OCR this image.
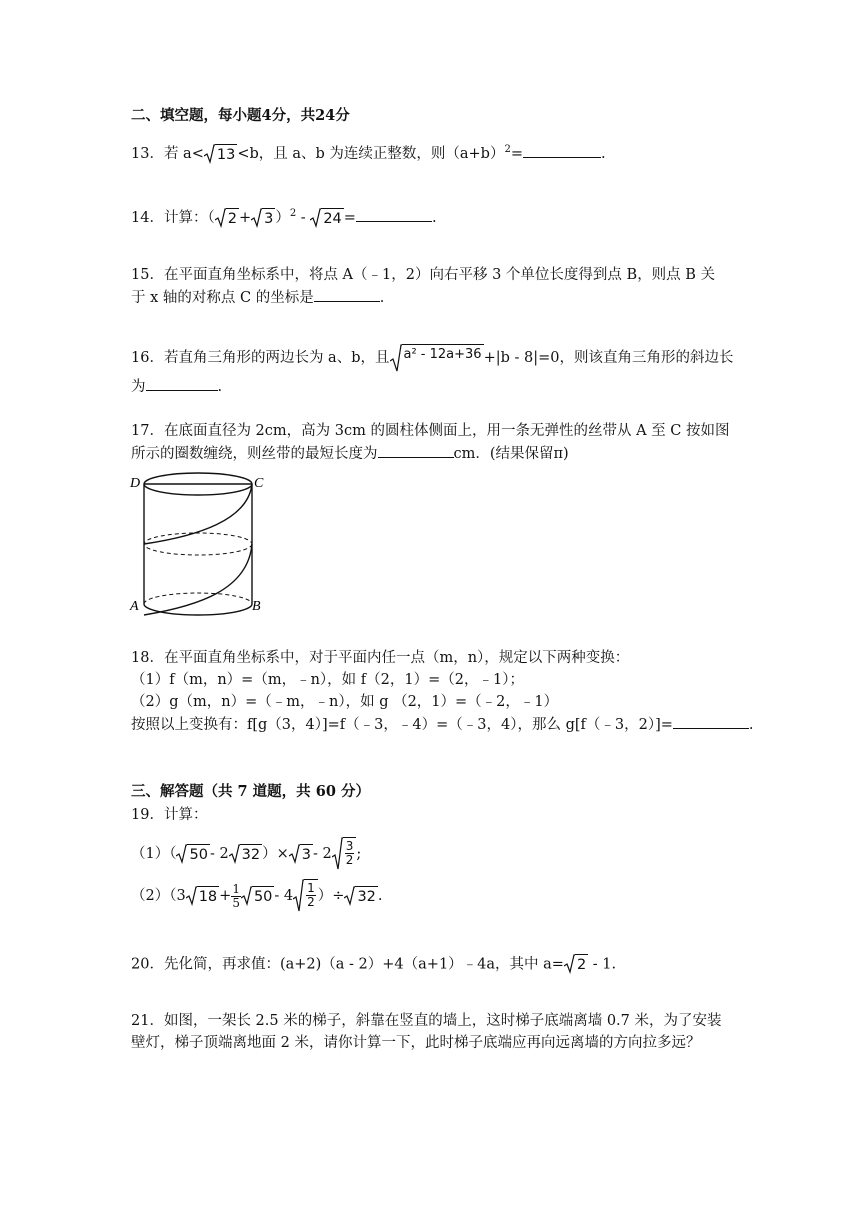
二、填空题，每小题4分，共24分
13．若 a< 13 <b，且 a、b 为连续正整数，则$(a+b)^2=$	.
14．计算：（ 2 + 3 ）$^2$ - 24 =	.
15．在平面直角坐标系中，将点 A（﹣1，2）向右平移 3 个单位长度得到点 B，则点 B 关
于 x 轴的对称点 C 的坐标是	.
16．若直角三角形的两边长为 a、b，且 a² - 12a+36 +|b - 8|=0，则该直角三角形的斜边长
为	.
17．在底面直径为 2cm，高为 3cm 的圆柱体侧面上，用一条无弹性的丝带从 A 至 C 按如图
所示的圈数缠绕，则丝带的最短长度为	cm．(结果保留π)
D	C
A	B
18．在平面直角坐标系中，对于平面内任一点（m，n），规定以下两种变换：
（1）f（m，n）=（m，﹣n），如 f（2，1）=（2，﹣1）；
（2）g（m，n）=（﹣m，﹣n），如 g （2，1）=（﹣2，﹣1）
按照以上变换有：f[g（3，4）]=f（﹣3，﹣4）=（﹣3，4），那么 g[f（﹣3，2）]=	.
三、解答题（共 7 道题，共 60 分）
19．计算：
（1）（ 50 - 2 32 ）× $3 - 2 \frac{3}{2}$ ;
（2）（3 $18 + \frac{1}{5} 50 - 4 \frac{1}{2}$ ）÷ 32 .
20．先化简，再求值：(a+2)（a - 2）+4（a+1）﹣4a，其中 a= 2 - 1.
21．如图，一架长 2.5 米的梯子，斜靠在竖直的墙上，这时梯子底端离墙 0.7 米，为了安装
壁灯，梯子顶端离地面 2 米，请你计算一下，此时梯子底端应再向远离墙的方向拉多远？
